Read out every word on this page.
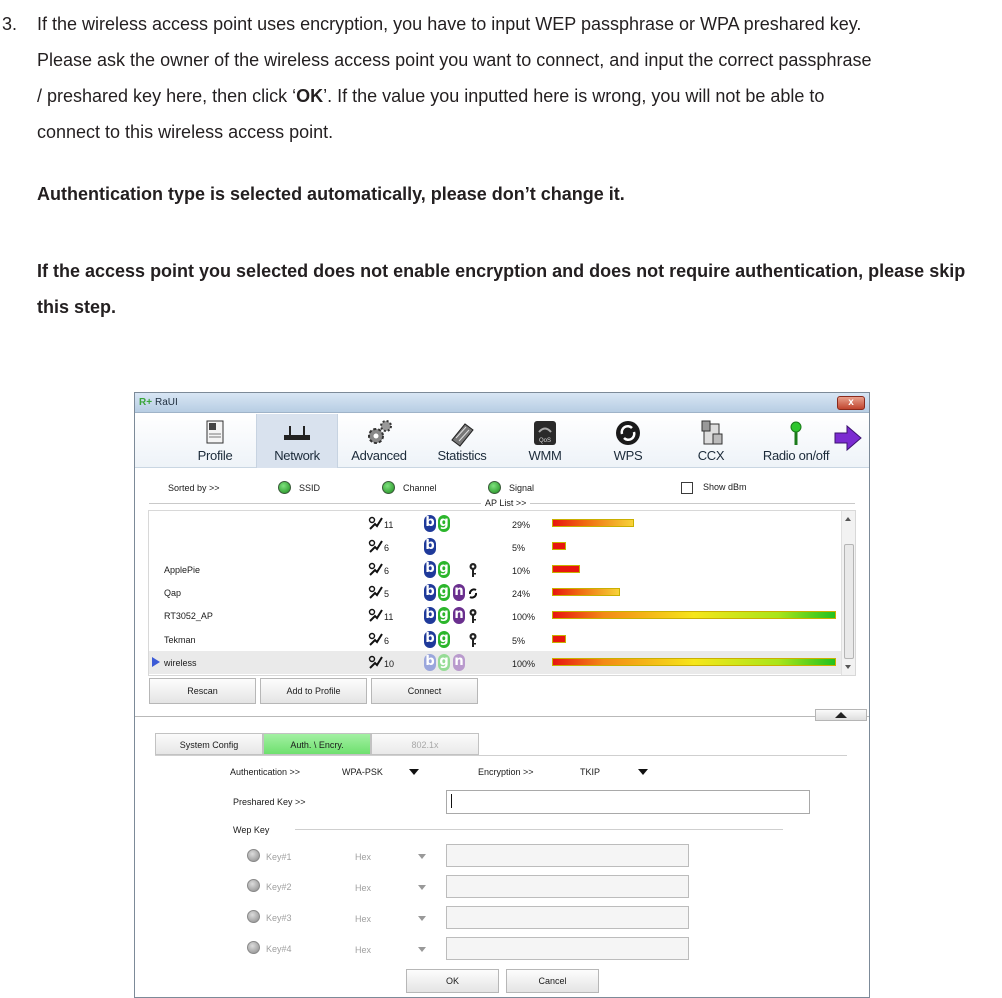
3. If the wireless access point uses encryption, you have to input WEP passphrase or WPA preshared key.
Please ask the owner of the wireless access point you want to connect, and input the correct passphrase
/ preshared key here, then click ‘OK’. If the value you inputted here is wrong, you will not be able to
connect to this wireless access point.
Authentication type is selected automatically, please don’t change it.
If the access point you selected does not enable encryption and does not require authentication, please skip this step.
R+ RaUI	x
Profile	Network	Advanced	Statistics
QoS
WMM	WPS	CCX	Radio on/off
Sorted by >>	SSID	Channel	Signal	Show dBm
AP List >>
11 b g	29%
6	b	5%
ApplePie	6	b g	10%
Qap	5	b g n	24%
RT3052_AP	11 b g n	100%
Tekman	6	b g	5%
wireless	10 b g n	100%
Rescan	Add to Profile	Connect
System Config	Auth. \ Encry.	802.1x
Authentication >>	WPA-PSK	Encryption >>	TKIP
Preshared Key >>
Wep Key
Key#1	Hex
Key#2	Hex
Key#3	Hex
Key#4	Hex
OK	Cancel
